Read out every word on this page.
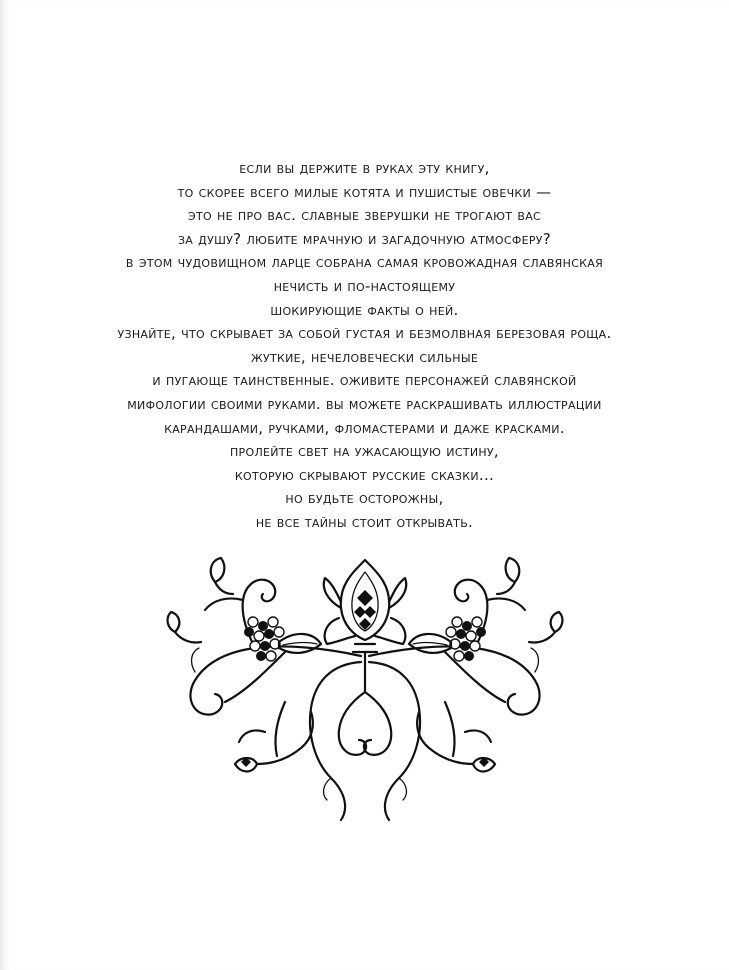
если вы держите в руках эту книгу,
то скорее всего милые котята и пушистые овечки —
это не про вас. славные зверушки не трогают вас
за душу? любите мрачную и загадочную атмосферу?
в этом чудовищном ларце собрана самая кровожадная славянская
нечисть и по-настоящему
шокирующие факты о ней.
узнайте, что скрывает за собой густая и безмолвная березовая роща.
жуткие, нечеловечески сильные
и пугающе таинственные. оживите персонажей славянской
мифологии своими руками. вы можете раскрашивать иллюстрации
карандашами, ручками, фломастерами и даже красками.
пролейте свет на ужасающую истину,
которую скрывают русские сказки...
но будьте осторожны,
не все тайны стоит открывать.
